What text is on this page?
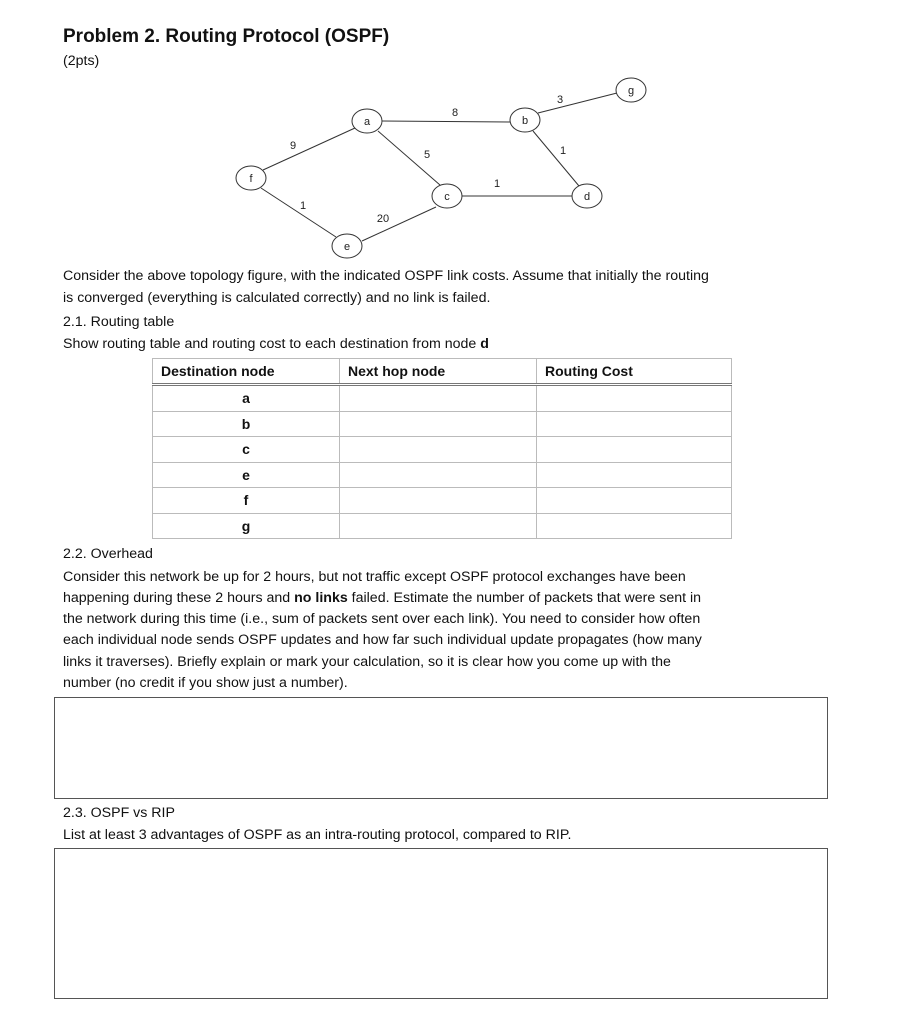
Problem 2. Routing Protocol (OSPF)
(2pts)
a	b
c	d
e
f
g
8
3
9
5	1
1
1
20
Consider the above topology figure, with the indicated OSPF link costs. Assume that initially the routing
is converged (everything is calculated correctly) and no link is failed.
2.1. Routing table
Show routing table and routing cost to each destination from node d
Destination node	Next hop node	Routing Cost
a		
b		
c		
e		
f		
g		
2.2. Overhead
Consider this network be up for 2 hours, but not traffic except OSPF protocol exchanges have been
happening during these 2 hours and no links failed. Estimate the number of packets that were sent in
the network during this time (i.e., sum of packets sent over each link). You need to consider how often
each individual node sends OSPF updates and how far such individual update propagates (how many
links it traverses). Briefly explain or mark your calculation, so it is clear how you come up with the
number (no credit if you show just a number).
2.3. OSPF vs RIP
List at least 3 advantages of OSPF as an intra-routing protocol, compared to RIP.
